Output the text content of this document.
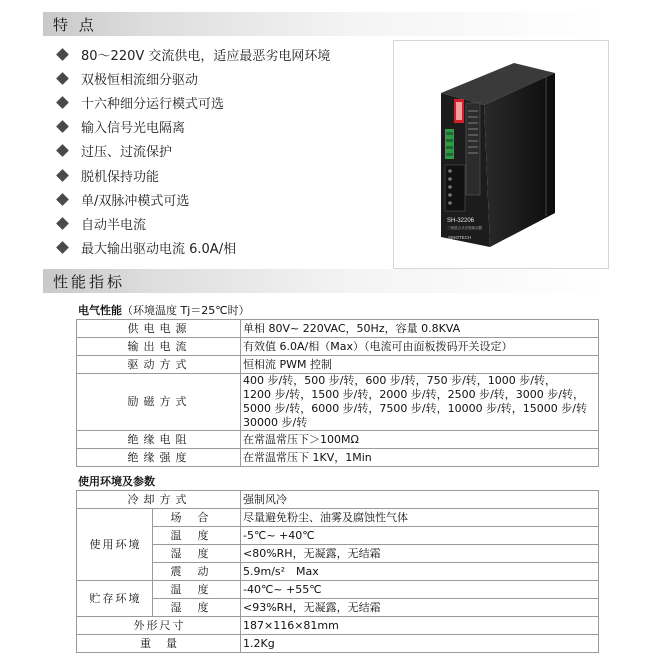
特 点
80～220V 交流供电，适应最恶劣电网环境
双极恒相流细分驱动
十六种细分运行模式可选
输入信号光电隔离
过压、过流保护
脱机保持功能
单/双脉冲模式可选
自动半电流
最大输出驱动电流 6.0A/相
SH-32206
三相混合式步进驱动器
SINOTECH
性能指标
电气性能（环境温度 Tj＝25℃时）
供电电源	单相 80V~ 220VAC，50Hz，容量 0.8KVA
输出电流	有效值 6.0A/相（Max）（电流可由面板拨码开关设定）
驱动方式	恒相流 PWM 控制
励磁方式	400 步/转，500 步/转，600 步/转，750 步/转，1000 步/转，
1200 步/转，1500 步/转，2000 步/转，2500 步/转，3000 步/转，
5000 步/转，6000 步/转，7500 步/转，10000 步/转，15000 步/转
30000 步/转

绝缘电阻	在常温常压下＞100MΩ
绝缘强度	在常温常压下 1KV，1Min
使用环境及参数
冷却方式		强制风冷
使用环境	场合	尽量避免粉尘、油雾及腐蚀性气体
	温度	-5℃~ +40℃
	湿度	<80%RH，无凝露，无结霜
	震动	5.9m/s²　Max
贮存环境	温度	-40℃~ +55℃
	湿度	<93%RH，无凝露，无结霜
外形尺寸		187×116×81mm
重　量		1.2Kg
